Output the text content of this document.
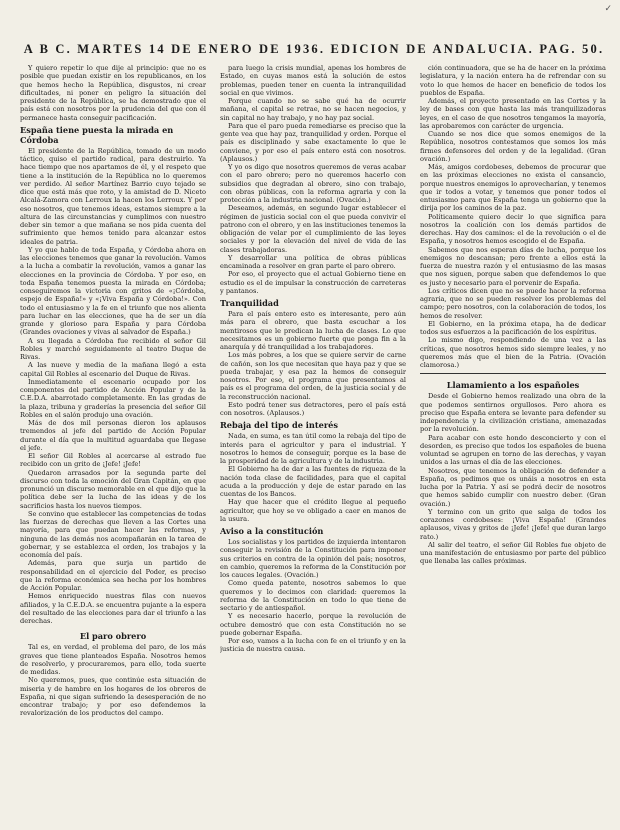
✓
A B C. MARTES 14 DE ENERO DE 1936. EDICION DE ANDALUCIA. PAG. 50.

Y quiero repetir lo que dije al principio: que no es posible que puedan existir en los republicanos, en los que hemos hecho la República, disgustos, ni crear dificultades, ni poner en peligro la situación del presidente de la República, se ha demostrado que el país está con nosotros por la prudencia del que con él permanece hasta conseguir pacificación.

España tiene puesta la mirada en Córdoba

El presidente de la República, tomado de un modo táctico, quiso el partido radical, para destruirlo. Ya hace tiempo que nos apartamos de él, y el respeto que tiene a la institución de la República no lo queremos ver perdido. Al señor Martínez Barrio cuyo tejado se dice que está más que roto, y la amistad de D. Niceto Alcalá-Zamora con Lerroux la hacen los Lerroux. Y por eso nosotros, que tenemos ideas, estamos siempre a la altura de las circunstancias y cumplimos con nuestro deber sin temor a que mañana se nos pida cuenta del sufrimiento que hemos tenido para alcanzar estos ideales de patria.

Y yo que hablo de toda España, y Córdoba ahora en las elecciones tenemos que ganar la revolución. Vamos a la lucha a combatir la revolución, vamos a ganar las elecciones en la provincia de Córdoba. Y por eso, en toda España tenemos puesta la mirada en Córdoba; conseguiremos la victoria con gritos de «¡Córdoba, espejo de España!» y «¡Viva España y Córdoba!». Con todo el entusiasmo y la fe en el triunfo que nos alienta para luchar en las elecciones, que ha de ser un día grande y glorioso para España y para Córdoba (Grandes ovaciones y vivas al salvador de España.)

A su llegada a Córdoba fue recibido el señor Gil Robles y marchó seguidamente al teatro Duque de Rivas.

A las nueve y media de la mañana llegó a esta capital Gil Robles al escenario del Duque de Rivas.

Inmediatamente el escenario ocupado por los componentes del partido de Acción Popular y de la C.E.D.A. abarrotado completamente. En las gradas de la plaza, tribuna y graderías la presencia del señor Gil Robles en el salón produjo una ovación.

Más de dos mil personas dieron los aplausos tremendos al jefe del partido de Acción Popular durante el día que la multitud aguardaba que llegase el jefe.

El señor Gil Robles al acercarse al estrado fue recibido con un grito de ¡Jefe! ¡Jefe!

Quedaron arrasados por la segunda parte del discurso con toda la emoción del Gran Capitán, en que pronunció un discurso memorable en el que dijo que la política debe ser la lucha de las ideas y de los sacrificios hasta los nuevos tiempos.

Se convino que establecer las competencias de todas las fuerzas de derechas que lleven a las Cortes una mayoría, para que puedan hacer las reformas, y ninguna de las demás nos acompañarán en la tarea de gobernar, y se establezca el orden, los trabajos y la economía del país.

Además, para que surja un partido de responsabilidad en el ejercicio del Poder, es preciso que la reforma económica sea hecha por los hombres de Acción Popular.

Hemos enriquecido nuestras filas con nuevos afiliados, y la C.E.D.A. se encuentra pujante a la espera del resultado de las elecciones para dar el triunfo a las derechas.

El paro obrero

Tal es, en verdad, el problema del paro, de los más graves que tiene planteados España. Nosotros hemos de resolverlo, y procuraremos, para ello, toda suerte de medidas.

No queremos, pues, que continúe esta situación de miseria y de hambre en los hogares de los obreros de España, ni que sigan sufriendo la desesperación de no encontrar trabajo; y por eso defendemos la revalorización de los productos del campo.

para luego la crisis mundial, apenas los hombres de Estado, en cuyas manos está la solución de estos problemas, pueden tener en cuenta la intranquilidad social en que vivimos.

Porque cuando no se sabe qué ha de ocurrir mañana, el capital se retrae, no se hacen negocios, y sin capital no hay trabajo, y no hay paz social.

Para que el paro pueda remediarse es preciso que la gente vea que hay paz, tranquilidad y orden. Porque el país es disciplinado y sabe exactamente lo que le conviene, y por eso el país entero está con nosotros. (Aplausos.)

Y yo os digo que nosotros queremos de veras acabar con el paro obrero; pero no queremos hacerlo con subsidios que degradan al obrero, sino con trabajo, con obras públicas, con la reforma agraria y con la protección a la industria nacional. (Ovación.)

Deseamos, además, en segundo lugar establecer el régimen de justicia social con el que pueda convivir el patrono con el obrero, y en las instituciones tenemos la obligación de velar por el cumplimiento de las leyes sociales y por la elevación del nivel de vida de las clases trabajadoras.

Y desarrollar una política de obras públicas encaminada a resolver en gran parte el paro obrero.

Por eso, el proyecto que el actual Gobierno tiene en estudio es el de impulsar la construcción de carreteras y pantanos.

Tranquilidad

Para el país entero esto es interesante, pero aún más para el obrero, que basta escuchar a los mentirosos que le predican la lucha de clases. Lo que necesitamos es un gobierno fuerte que ponga fin a la anarquía y dé tranquilidad a los trabajadores.

Los más pobres, a los que se quiere servir de carne de cañón, son los que necesitan que haya paz y que se pueda trabajar, y esa paz la hemos de conseguir nosotros. Por eso, el programa que presentamos al país es el programa del orden, de la justicia social y de la reconstrucción nacional.

Esto podrá tener sus detractores, pero el país está con nosotros. (Aplausos.)

Rebaja del tipo de interés

Nada, en suma, es tan útil como la rebaja del tipo de interés para el agricultor y para el industrial. Y nosotros lo hemos de conseguir, porque es la base de la prosperidad de la agricultura y de la industria.

El Gobierno ha de dar a las fuentes de riqueza de la nación toda clase de facilidades, para que el capital acuda a la producción y deje de estar parado en las cuentas de los Bancos.

Hay que hacer que el crédito llegue al pequeño agricultor, que hoy se ve obligado a caer en manos de la usura.

Aviso a la constitución

Los socialistas y los partidos de izquierda intentaron conseguir la revisión de la Constitución para imponer sus criterios en contra de la opinión del país; nosotros, en cambio, queremos la reforma de la Constitución por los cauces legales. (Ovación.)

Como queda patente, nosotros sabemos lo que queremos y lo decimos con claridad: queremos la reforma de la Constitución en todo lo que tiene de sectario y de antiespañol.

Y es necesario hacerlo, porque la revolución de octubre demostró que con esta Constitución no se puede gobernar España.

Por eso, vamos a la lucha con fe en el triunfo y en la justicia de nuestra causa.

ción continuadora, que se ha de hacer en la próxima legislatura, y la nación entera ha de refrendar con su voto lo que hemos de hacer en beneficio de todos los pueblos de España.

Además, el proyecto presentado en las Cortes y la ley de bases con que hasta las más tranquilizadoras leyes, en el caso de que nosotros tengamos la mayoría, las aprobaremos con carácter de urgencia.

Cuando se nos dice que somos enemigos de la República, nosotros contestamos que somos los más firmes defensores del orden y de la legalidad. (Gran ovación.)

Más, amigos cordobeses, debemos de procurar que en las próximas elecciones no exista el cansancio, porque nuestros enemigos lo aprovecharían, y tenemos que ir todos a votar, y tenemos que poner todos el entusiasmo para que España tenga un gobierno que la dirija por los caminos de la paz.

Políticamente quiero decir lo que significa para nosotros la coalición con los demás partidos de derechas. Hay dos caminos: el de la revolución o el de España, y nosotros hemos escogido el de España.

Sabemos que nos esperan días de lucha, porque los enemigos no descansan; pero frente a ellos está la fuerza de nuestra razón y el entusiasmo de las masas que nos siguen, porque saben que defendemos lo que es justo y necesario para el porvenir de España.

Los críticos dicen que no se puede hacer la reforma agraria, que no se pueden resolver los problemas del campo; pero nosotros, con la colaboración de todos, los hemos de resolver.

El Gobierno, en la próxima etapa, ha de dedicar todos sus esfuerzos a la pacificación de los espíritus.

Lo mismo digo, respondiendo de una vez a las críticas, que nosotros hemos sido siempre leales, y no queremos más que el bien de la Patria. (Ovación clamorosa.)

Llamamiento a los españoles

Desde el Gobierno hemos realizado una obra de la que podemos sentirnos orgullosos. Pero ahora es preciso que España entera se levante para defender su independencia y la civilización cristiana, amenazadas por la revolución.

Para acabar con este hondo desconcierto y con el desorden, es preciso que todos los españoles de buena voluntad se agrupen en torno de las derechas, y vayan unidos a las urnas el día de las elecciones.

Nosotros, que tenemos la obligación de defender a España, os pedimos que os unáis a nosotros en esta lucha por la Patria. Y así se podrá decir de nosotros que hemos sabido cumplir con nuestro deber. (Gran ovación.)

Y termino con un grito que salga de todos los corazones cordobeses: ¡Viva España! (Grandes aplausos, vivas y gritos de ¡Jefe! ¡Jefe! que duran largo rato.)

Al salir del teatro, el señor Gil Robles fue objeto de una manifestación de entusiasmo por parte del público que llenaba las calles próximas.
